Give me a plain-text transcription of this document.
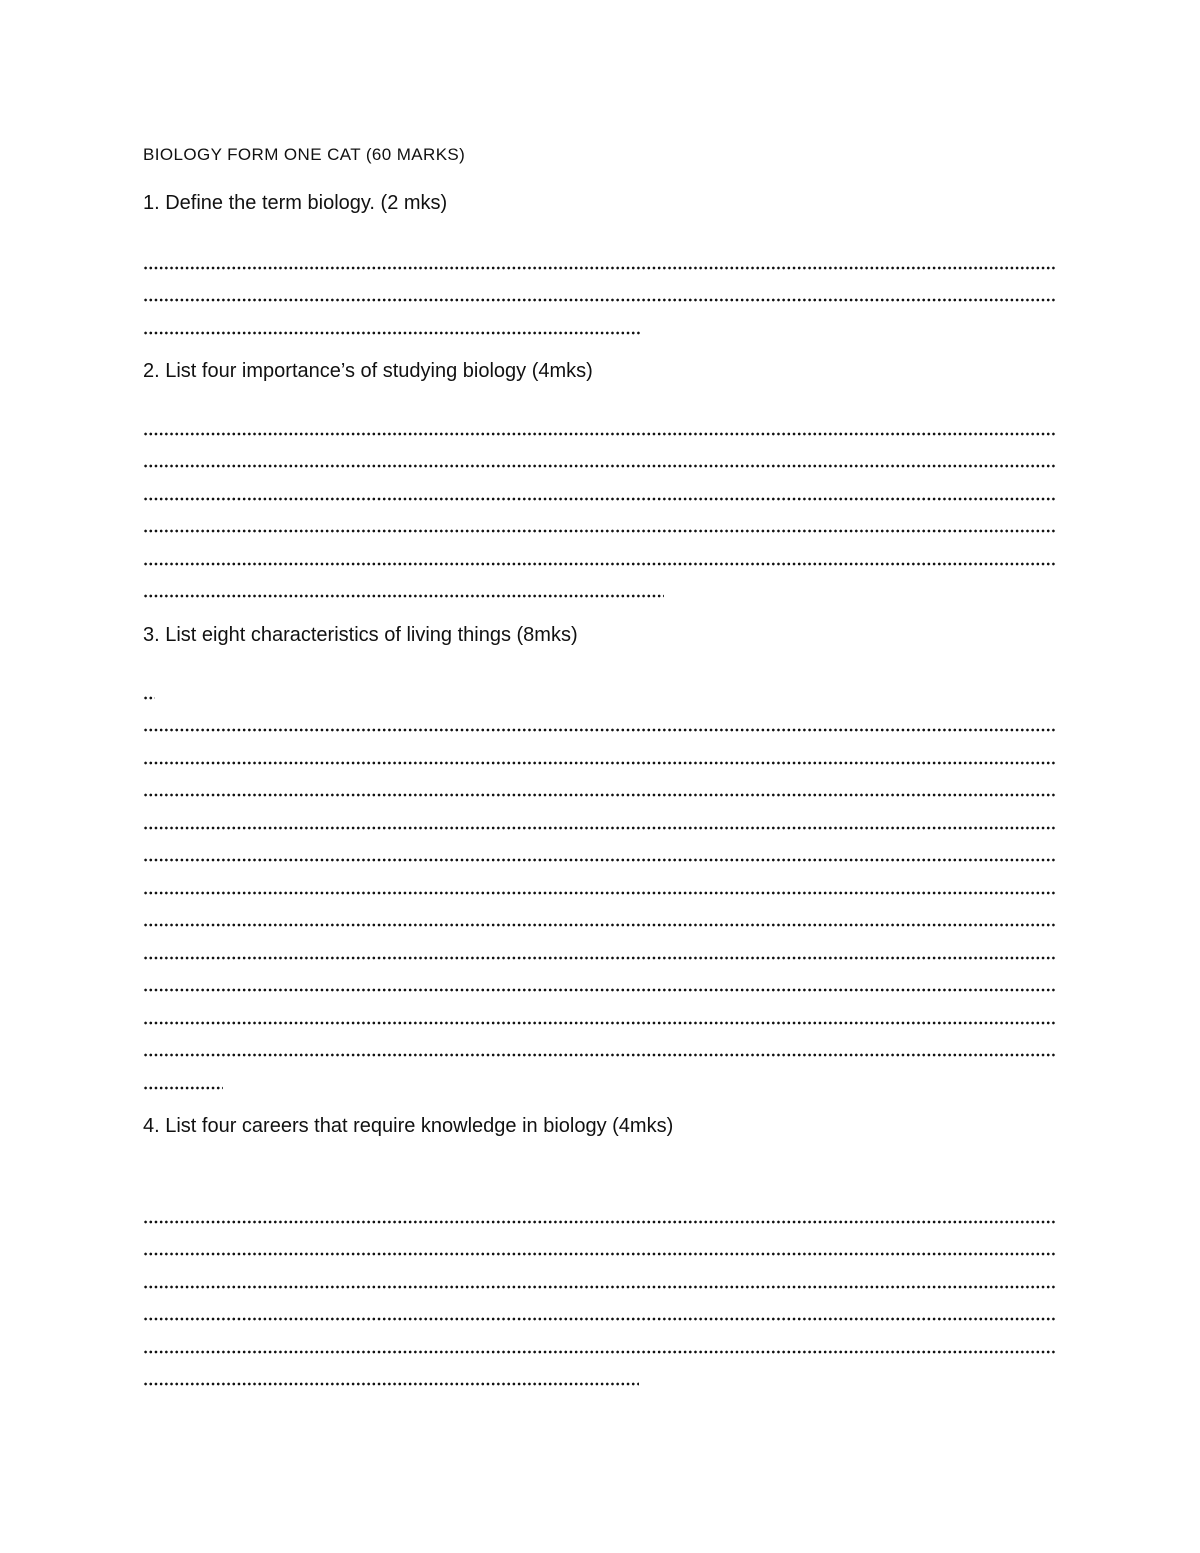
BIOLOGY FORM ONE CAT (60 MARKS)
1. Define the term biology. (2 mks)
2. List four importance’s of studying biology (4mks)
3. List eight characteristics of living things (8mks)
4. List four careers that require knowledge in biology (4mks)
